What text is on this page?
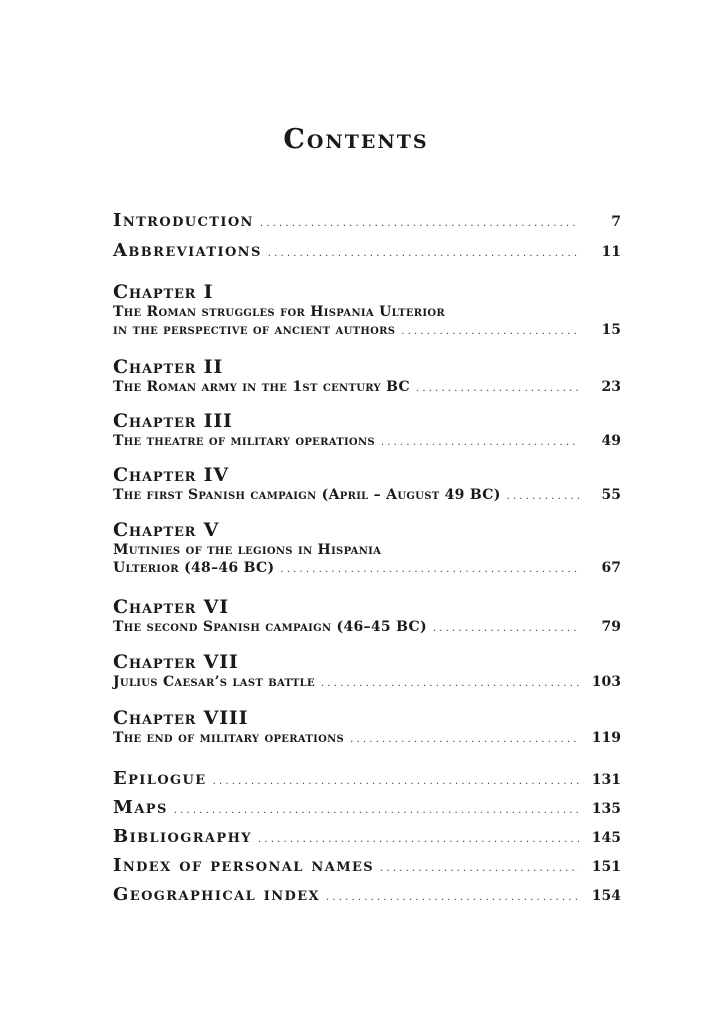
Contents
Introduction .....	7
Abbreviations .....	11
Chapter I
The Roman struggles for Hispania Ulterior
in the perspective of ancient authors .....	15
Chapter II
The Roman army in the 1st century BC .....	23
Chapter III
The theatre of military operations .....	49
Chapter IV
The first Spanish campaign (April – August 49 BC) .....	55
Chapter V
Mutinies of the legions in Hispania
Ulterior (48–46 BC) .....	67
Chapter VI
The second Spanish campaign (46–45 BC) .....	79
Chapter VII
Julius Caesar’s last battle .....	103
Chapter VIII
The end of military operations .....	119
Epilogue .....	131
Maps .....	135
Bibliography .....	145
Index of personal names .....	151
Geographical index .....	154
